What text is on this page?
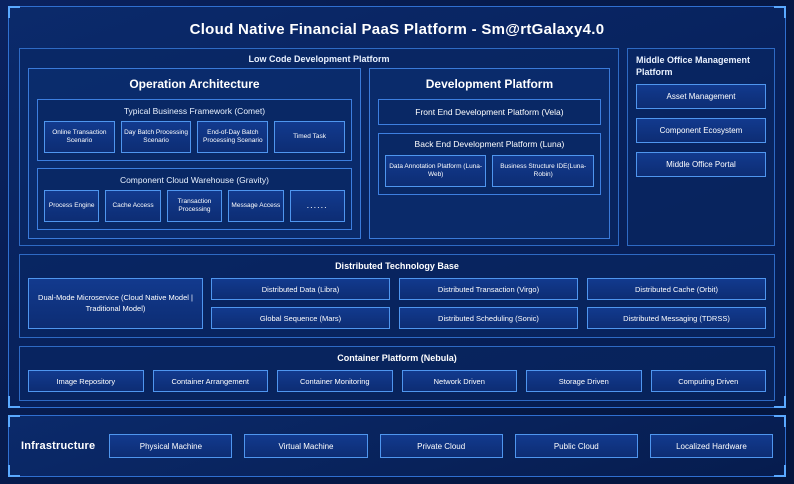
Cloud Native Financial PaaS Platform - Sm@rtGalaxy4.0
Low Code Development Platform
Operation Architecture
Typical Business Framework (Comet)
Online Transaction Scenario
Day Batch Processing Scenario
End-of-Day Batch Processing Scenario
Timed Task
Component Cloud Warehouse (Gravity)
Process Engine	Cache Access
Transaction Processing
Message Access	......
Development Platform
Front End Development Platform (Vela)
Back End Development Platform (Luna)
Data Annotation Platform (Luna-Web)
Business Structure IDE(Luna-Robin)
Middle Office Management Platform
Asset Management
Component Ecosystem
Middle Office Portal
Distributed Technology Base
Dual-Mode Microservice (Cloud Native Model | Traditional Model)
Distributed Data (Libra)	Distributed Transaction (Virgo)	Distributed Cache (Orbit)
Global Sequence (Mars)	Distributed Scheduling (Sonic)	Distributed Messaging (TDRSS)
Container Platform (Nebula)
Image Repository	Container Arrangement	Container Monitoring	Network Driven	Storage Driven	Computing Driven
Infrastructure	Physical Machine	Virtual Machine	Private Cloud	Public Cloud	Localized Hardware
